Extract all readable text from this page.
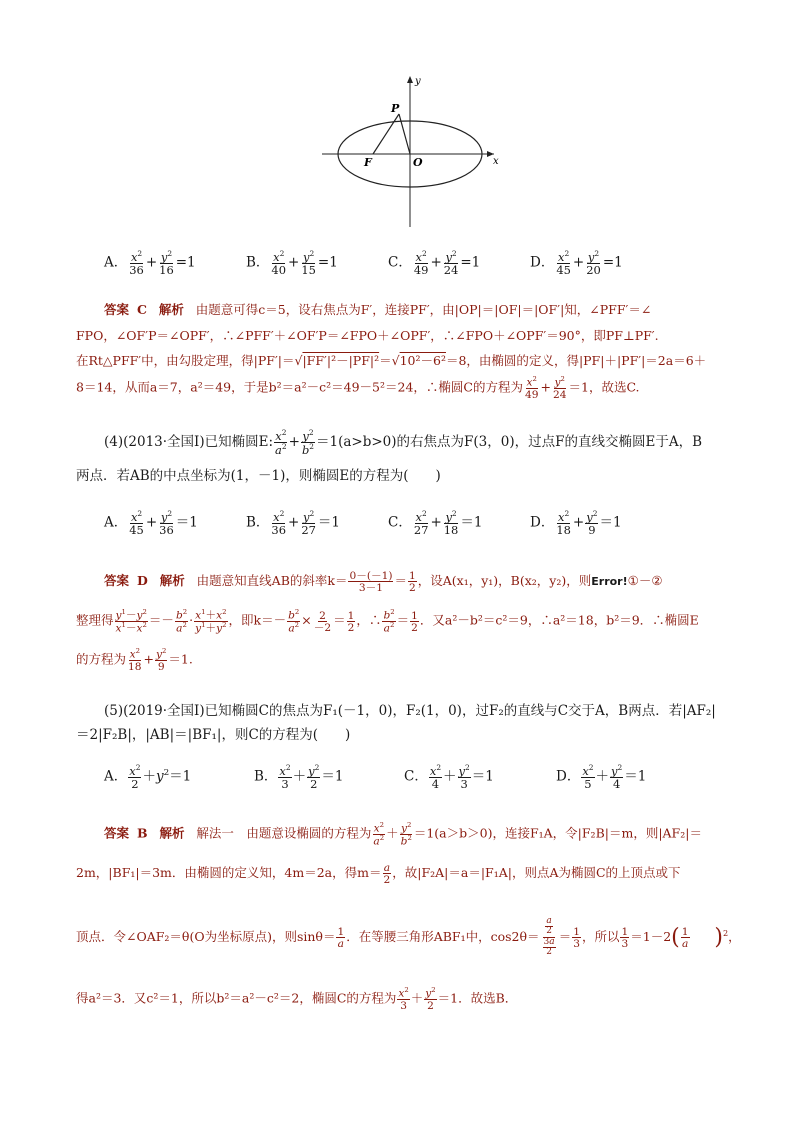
y
x
P
F	O
A． $\frac{x^2}{36} + \frac{y^2}{16} =1$	B． $\frac{x^2}{40} + \frac{y^2}{15} =1$	C． $\frac{x^2}{49} + \frac{y^2}{24} =1$	D． $\frac{x^2}{45} + \frac{y^2}{20} =1$
答案 C 解析 由题意可得c＝5，设右焦点为F′，连接PF′，由|OP|＝|OF|＝|OF′|知，∠PFF′＝∠
FPO，∠OF′P＝∠OPF′，∴∠PFF′＋∠OF′P＝∠FPO＋∠OPF′，∴∠FPO＋∠OPF′＝90°，即PF⊥PF′.
在Rt△PFF′中，由勾股定理，得|PF′|＝√|FF′|²－|PF|²＝√10²－6²＝8，由椭圆的定义，得|PF|＋|PF′|＝2a＝6＋
8＝14，从而a＝7，a²＝49，于是b²＝a²－c²＝49－5²＝24，∴椭圆C的方程为 $\frac{x^2}{49} + \frac{y^2}{24} =1$，故选C.
(4)(2013·全国Ⅰ)已知椭圆E: $\frac{x^2}{a^2} + \frac{y^2}{b^2} =1(a>b>0)$的右焦点为F(3，0)，过点F的直线交椭圆E于A，B
两点．若AB的中点坐标为(1，－1)，则椭圆E的方程为(　　)
A． $\frac{x^2}{45} + \frac{y^2}{36} =1$	B． $\frac{x^2}{36} + \frac{y^2}{27} =1$	C． $\frac{x^2}{27} + \frac{y^2}{18} =1$	D． $\frac{x^2}{18} + \frac{y^2}{9} =1$
答案 D 解析 由题意知直线AB的斜率$k= \frac{0-(-1)}{3-1} = \frac{1}{2}$ ，设A(x₁，y₁)，B(x₂，y₂)，则Error!①－②
整理得 $\frac{y^1-y^2}{x^1-x^2} =- \frac{b^2}{a^2} \cdot \frac{x^1+x^2}{y^1+y^2}$ ，即$k=- \frac{b^2}{a^2} \times \frac{2}{-2} = \frac{1}{2}$ ，∴ $\frac{b^2}{a^2} = \frac{1}{2}$ ．又a²－b²＝c²＝9，∴a²＝18，b²＝9．∴椭圆E
的方程为 $\frac{x^2}{18} + \frac{y^2}{9} =1$.
(5)(2019·全国Ⅰ)已知椭圆C的焦点为F₁(－1，0)，F₂(1，0)，过F₂的直线与C交于A，B两点．若|AF₂|
＝2|F₂B|，|AB|＝|BF₁|，则C的方程为(　　)
A． $\frac{x^2}{2} +y^2=1$	B． $\frac{x^2}{3} + \frac{y^2}{2} =1$	C． $\frac{x^2}{4} + \frac{y^2}{3} =1$	D． $\frac{x^2}{5} + \frac{y^2}{4} =1$
答案 B 解析 解法一　由题意设椭圆的方程为 $\frac{x^2}{a^2} + \frac{y^2}{b^2} =1(a>b>0)$，连接F₁A，令|F₂B|＝m，则|AF₂|＝
2m，|BF₁|＝3m．由椭圆的定义知，4m＝2a，得$m= \frac{a}{2}$ ，故|F₂A|＝a＝|F₁A|，则点A为椭圆C的上顶点或下
顶点．令∠OAF₂＝θ(O为坐标原点)，则$\sin\theta= \frac{1}{a}$ ．在等腰三角形ABF₁中，$\cos 2\theta= \frac{\frac{a}{2}}{\frac{3a}{2}} = \frac{1}{3}$ ，所以 $\frac{1}{3} =1-2( \frac{1}{a} )^2$，
得a²＝3．又c²＝1，所以b²＝a²－c²＝2，椭圆C的方程为 $\frac{x^2}{3} + \frac{y^2}{2} =1$．故选B．
